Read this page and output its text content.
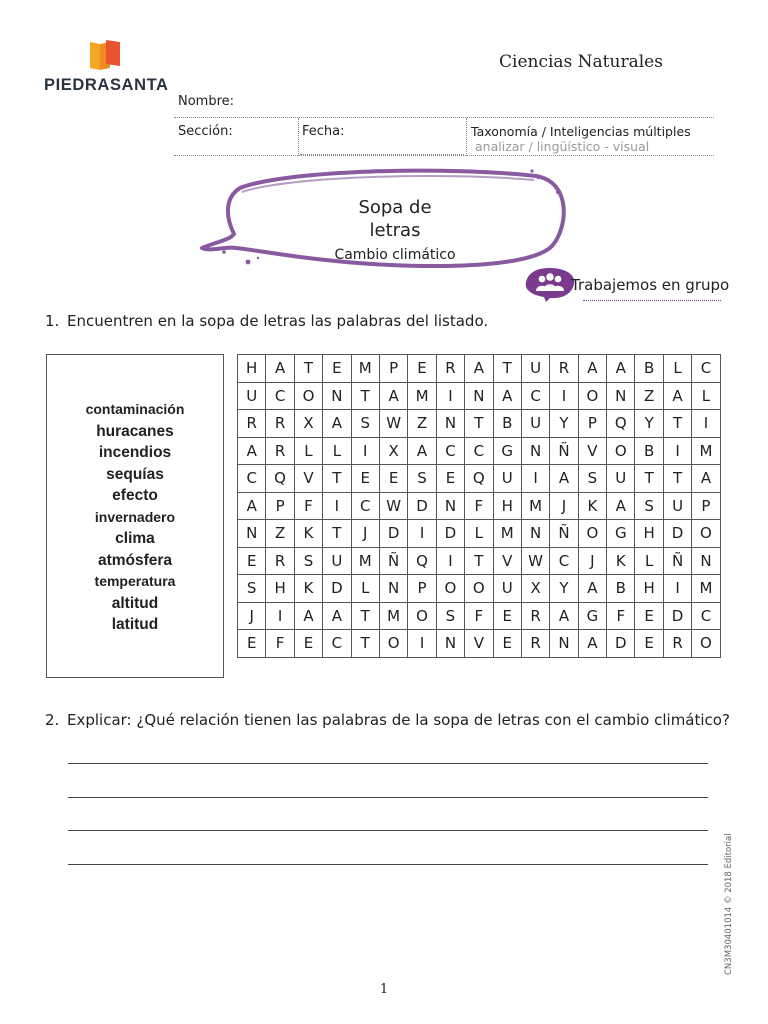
PIEDRASANTA
Ciencias Naturales
Nombre:
Sección:	Fecha:	Taxonomía / Inteligencias múltiples
analizar / lingüístico - visual
Sopa de
letras
Cambio climático
Trabajemos en grupo
1. Encuentren en la sopa de letras las palabras del listado.
contaminación
huracanes
incendios
sequías
efecto
invernadero
clima
atmósfera
temperatura
altitud
latitud
H	A	T	E	M	P	E	R	A	T	U	R	A	A	B	L	C
U	C	O	N	T	A	M	I	N	A	C	I	O	N	Z	A	L
R	R	X	A	S	W	Z	N	T	B	U	Y	P	Q	Y	T	I
A	R	L	L	I	X	A	C	C	G	N	Ñ	V	O	B	I	M
C	Q	V	T	E	E	S	E	Q	U	I	A	S	U	T	T	A
A	P	F	I	C	W	D	N	F	H	M	J	K	A	S	U	P
N	Z	K	T	J	D	I	D	L	M	N	Ñ	O	G	H	D	O
E	R	S	U	M	Ñ	Q	I	T	V	W	C	J	K	L	Ñ	N
S	H	K	D	L	N	P	O	O	U	X	Y	A	B	H	I	M
J	I	A	A	T	M	O	S	F	E	R	A	G	F	E	D	C
E	F	E	C	T	O	I	N	V	E	R	N	A	D	E	R	O
2. Explicar: ¿Qué relación tienen las palabras de la sopa de letras con el cambio climático?
CN3M30401014 © 2018 Editorial
1
